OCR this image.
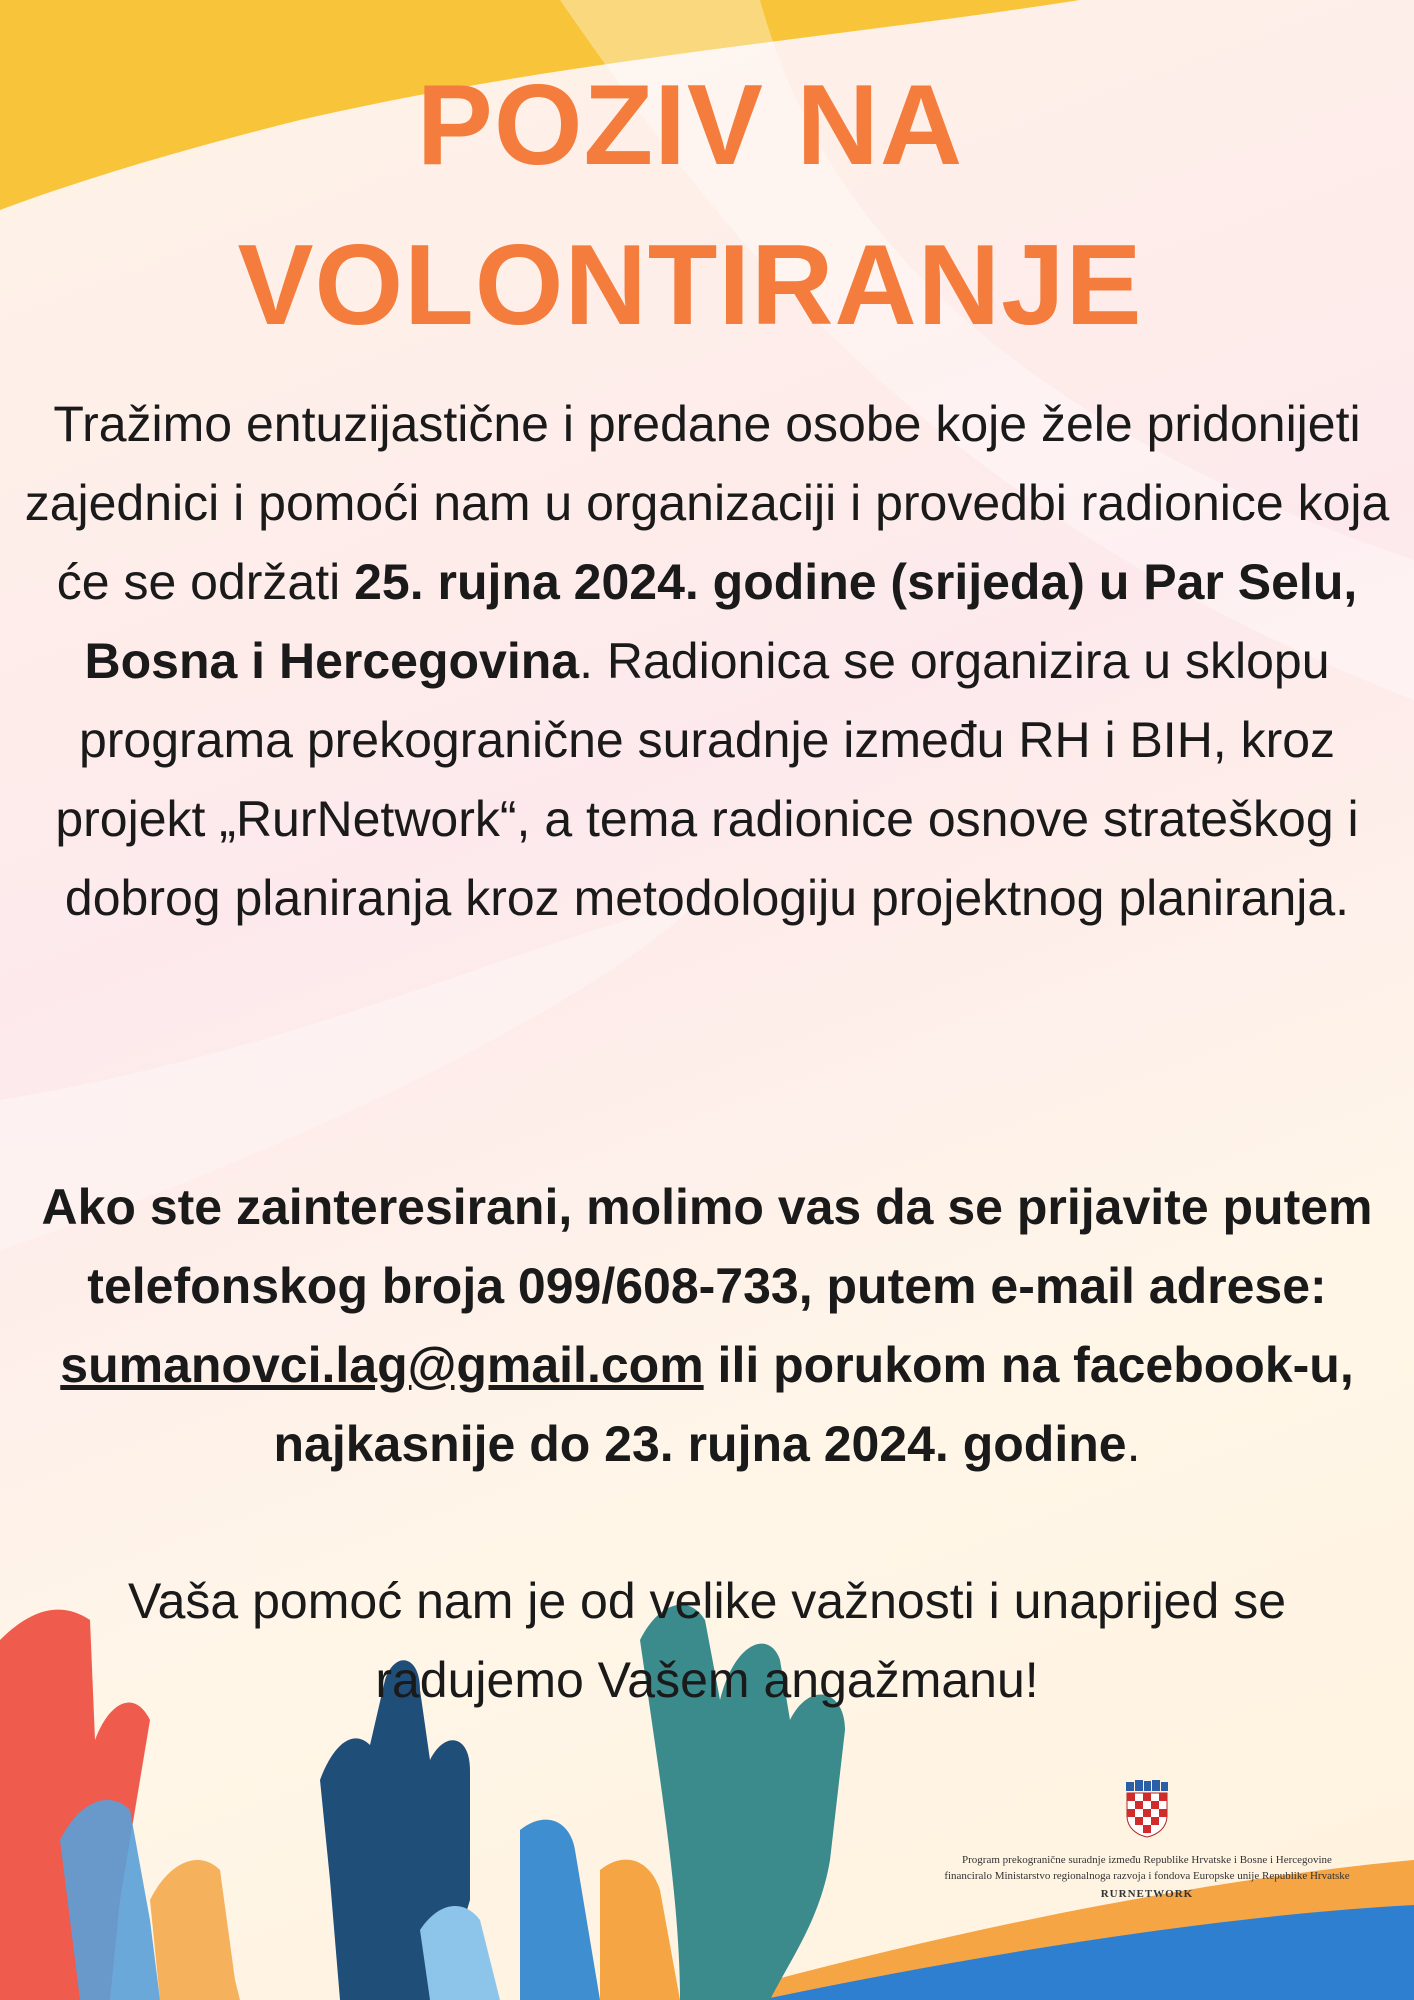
POZIV NA
VOLONTIRANJE
Tražimo entuzijastične i predane osobe koje žele pridonijeti zajednici i pomoći nam u organizaciji i provedbi radionice koja će se održati 25. rujna 2024. godine (srijeda) u Par Selu, Bosna i Hercegovina. Radionica se organizira u sklopu programa prekogranične suradnje između RH i BIH, kroz projekt „RurNetwork“, a tema radionice osnove strateškog i dobrog planiranja kroz metodologiju projektnog planiranja.
Ako ste zainteresirani, molimo vas da se prijavite putem telefonskog broja 099/608-733, putem e-mail adrese: sumanovci.lag@gmail.com ili porukom na facebook-u, najkasnije do 23. rujna 2024. godine.
Vaša pomoć nam je od velike važnosti i unaprijed se radujemo Vašem angažmanu!
Program prekogranične suradnje između Republike Hrvatske i Bosne i Hercegovine
financiralo Ministarstvo regionalnoga razvoja i fondova Europske unije Republike Hrvatske
RURNETWORK
